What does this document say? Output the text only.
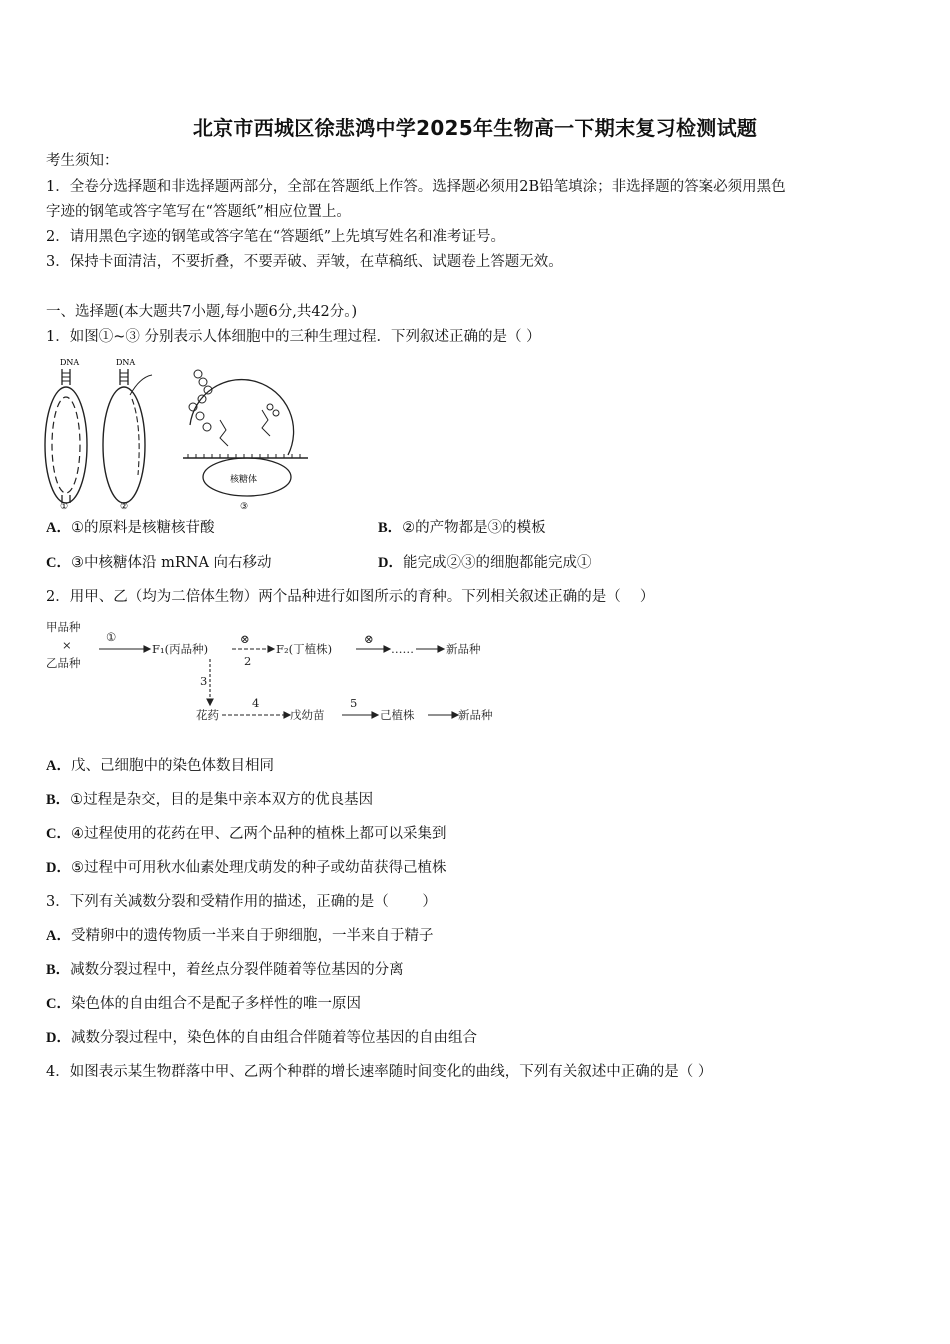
北京市西城区徐悲鸿中学2025年生物高一下期末复习检测试题
考生须知：
1．全卷分选择题和非选择题两部分，全部在答题纸上作答。选择题必须用2B铅笔填涂；非选择题的答案必须用黑色
字迹的钢笔或答字笔写在“答题纸”相应位置上。
2．请用黑色字迹的钢笔或答字笔在“答题纸”上先填写姓名和准考证号。
3．保持卡面清洁，不要折叠，不要弄破、弄皱，在草稿纸、试题卷上答题无效。
一、选择题(本大题共7小题,每小题6分,共42分。)
1．如图①~③ 分别表示人体细胞中的三种生理过程．下列叙述正确的是（ ）
DNA
①
DNA
②
核糖体
③
A．①的原料是核糖核苷酸	B．②的产物都是③的模板
C．③中核糖体沿 mRNA 向右移动	D．能完成②③的细胞都能完成①
2．用甲、乙（均为二倍体生物）两个品种进行如图所示的育种。下列相关叙述正确的是（　 ）
甲品种
×
乙品种
①
F₁(丙品种)
⊗
2
F₂(丁植株)
⊗
……	新品种
3
花药
4
戊幼苗
5
己植株	新品种
A．戊、己细胞中的染色体数目相同
B．①过程是杂交，目的是集中亲本双方的优良基因
C．④过程使用的花药在甲、乙两个品种的植株上都可以采集到
D．⑤过程中可用秋水仙素处理戊萌发的种子或幼苗获得己植株
3．下列有关减数分裂和受精作用的描述，正确的是（　　 ）
A．受精卵中的遗传物质一半来自于卵细胞，一半来自于精子
B．减数分裂过程中，着丝点分裂伴随着等位基因的分离
C．染色体的自由组合不是配子多样性的唯一原因
D．减数分裂过程中，染色体的自由组合伴随着等位基因的自由组合
4．如图表示某生物群落中甲、乙两个种群的增长速率随时间变化的曲线，下列有关叙述中正确的是（ ）
